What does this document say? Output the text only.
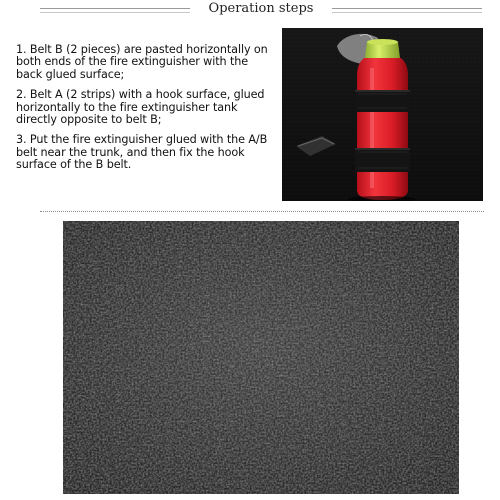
Operation steps
1. Belt B (2 pieces) are pasted horizontally on both ends of the fire extinguisher with the back glued surface;
2. Belt A (2 strips) with a hook surface, glued horizontally to the fire extinguisher tank directly opposite to belt B;
3. Put the fire extinguisher glued with the A/B belt near the trunk, and then fix the hook surface of the B belt.
